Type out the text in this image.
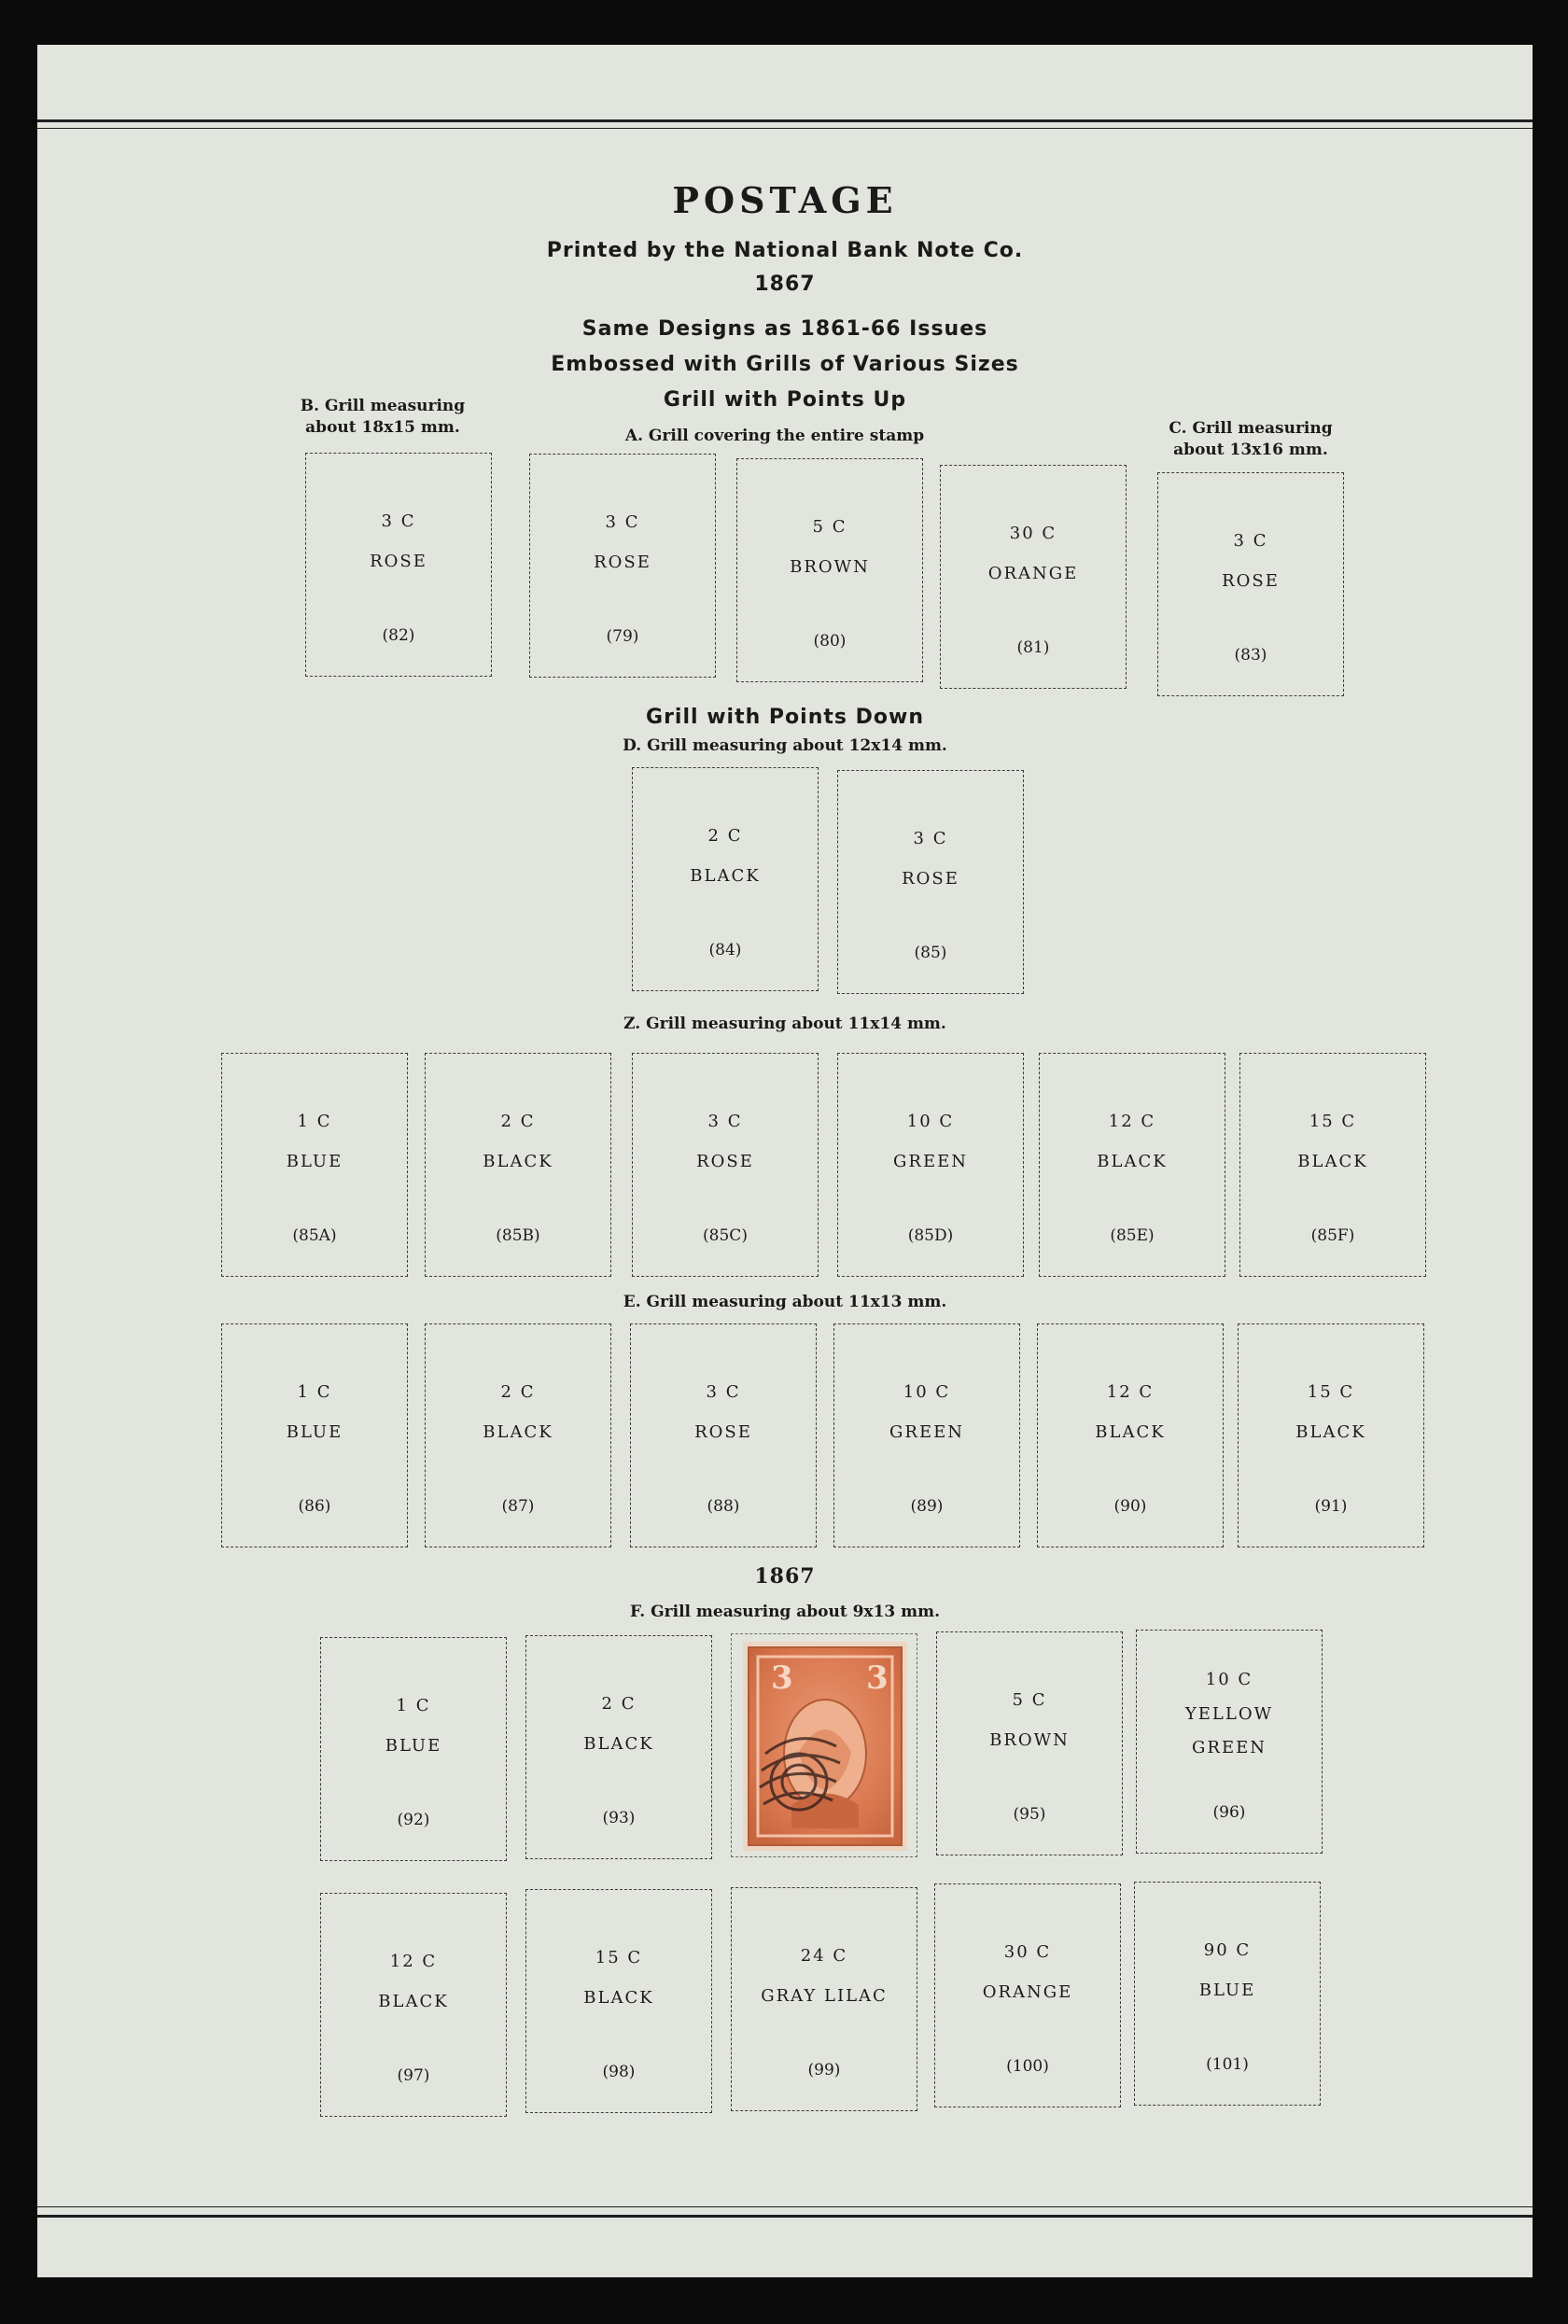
POSTAGE
Printed by the National Bank Note Co.
1867
Same Designs as 1861-66 Issues
Embossed with Grills of Various Sizes
Grill with Points Up
B. Grill measuring
about 18x15 mm.	A. Grill covering the entire stamp	C. Grill measuring
about 13x16 mm.
3 C
ROSE
(82)
3 C
ROSE
(79)
5 C
BROWN
(80)
30 C
ORANGE
(81)
3 C
ROSE
(83)
Grill with Points Down
D. Grill measuring about 12x14 mm.
2 C
BLACK
(84)
3 C
ROSE
(85)
Z. Grill measuring about 11x14 mm.
1 C
BLUE
(85A)
2 C
BLACK
(85B)
3 C
ROSE
(85C)
10 C
GREEN
(85D)
12 C
BLACK
(85E)
15 C
BLACK
(85F)
E. Grill measuring about 11x13 mm.
1 C
BLUE
(86)
2 C
BLACK
(87)
3 C
ROSE
(88)
10 C
GREEN
(89)
12 C
BLACK
(90)
15 C
BLACK
(91)
1867
F. Grill measuring about 9x13 mm.
1 C
BLUE
(92)
2 C
BLACK
(93)
3 3
5 C
BROWN
(95)
10 C
YELLOW
GREEN
(96)
12 C
BLACK
(97)
15 C
BLACK
(98)
24 C
GRAY LILAC
(99)
30 C
ORANGE
(100)
90 C
BLUE
(101)
